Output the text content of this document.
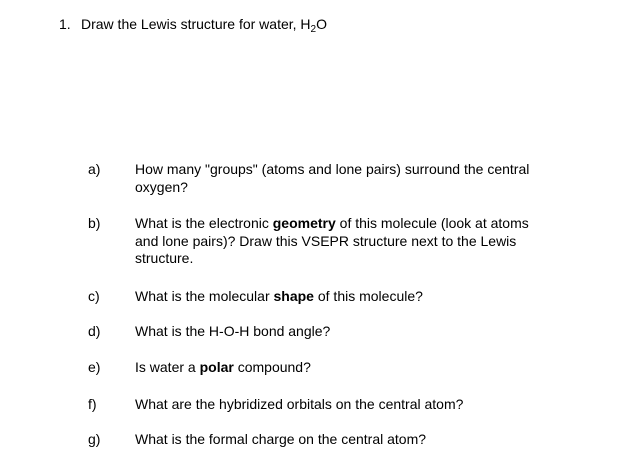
1. Draw the Lewis structure for water, $H_2O$
a) How many "groups" (atoms and lone pairs) surround the central
oxygen?
b) What is the electronic geometry of this molecule (look at atoms
and lone pairs)? Draw this VSEPR structure next to the Lewis
structure.
c)	What is the molecular shape of this molecule?
d) What is the H-O-H bond angle?
e) Is water a polar compound?
f)	What are the hybridized orbitals on the central atom?
g) What is the formal charge on the central atom?
